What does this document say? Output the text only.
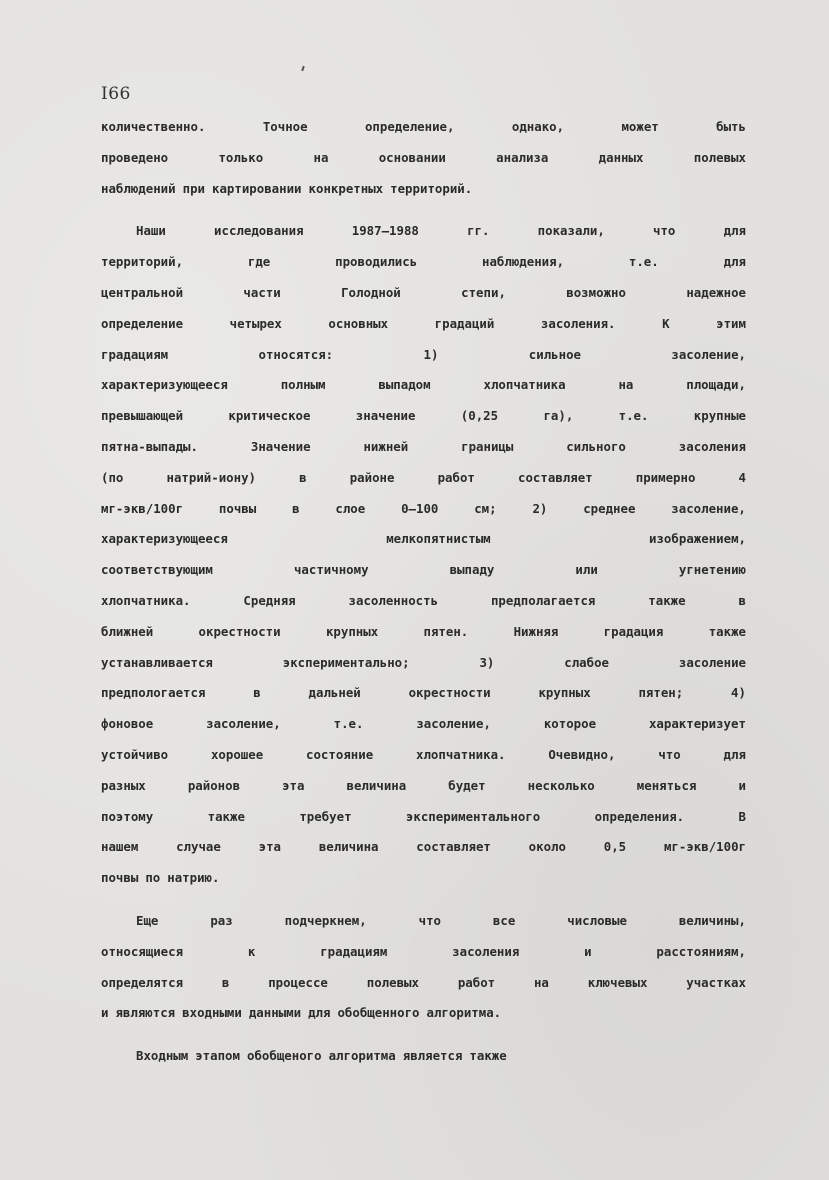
I66
количественно.	Точное	определение,	однако,	может	быть
проведено	только	на	основании	анализа	данных	полевых
наблюдений при картировании конкретных территорий.
Наши	исследования	1987–1988	гг.	показали,	что	для
территорий,	где	проводились	наблюдения,	т.е.	для
центральной	части	Голодной	степи,	возможно	надежное
определение	четырех	основных	градаций	засоления.	К	этим
градациям	относятся:	1)	сильное	засоление,
характеризующееся	полным	выпадом	хлопчатника	на	площади,
превышающей	критическое	значение	(0,25	га),	т.е.	крупные
пятна-выпады.	Значение	нижней	границы	сильного	засоления
(по	натрий-иону)	в	районе	работ	составляет	примерно	4
мг-экв/100г	почвы	в	слое	0–100	см;	2)	среднее	засоление,
характеризующееся	мелкопятнистым	изображением,
соответствующим	частичному	выпаду	или	угнетению
хлопчатника.	Средняя	засоленность	предполагается	также	в
ближней	окрестности	крупных	пятен.	Нижняя	градация	также
устанавливается	экспериментально;	3)	слабое	засоление
предпологается	в	дальней	окрестности	крупных	пятен;	4)
фоновое	засоление,	т.е.	засоление,	которое	характеризует
устойчиво	хорошее	состояние	хлопчатника.	Очевидно,	что	для
разных	районов	эта	величина	будет	несколько	меняться	и
поэтому	также	требует	экспериментального	определения.	В
нашем	случае	эта	величина	составляет	около	0,5	мг-экв/100г
почвы по натрию.
Еще	раз	подчеркнем,	что	все	числовые	величины,
относящиеся	к	градациям	засоления	и	расстояниям,
определятся	в	процессе	полевых	работ	на	ключевых	участках
и являются входными данными для обобщенного алгоритма.
Входным этапом обобщеного алгоритма является также
